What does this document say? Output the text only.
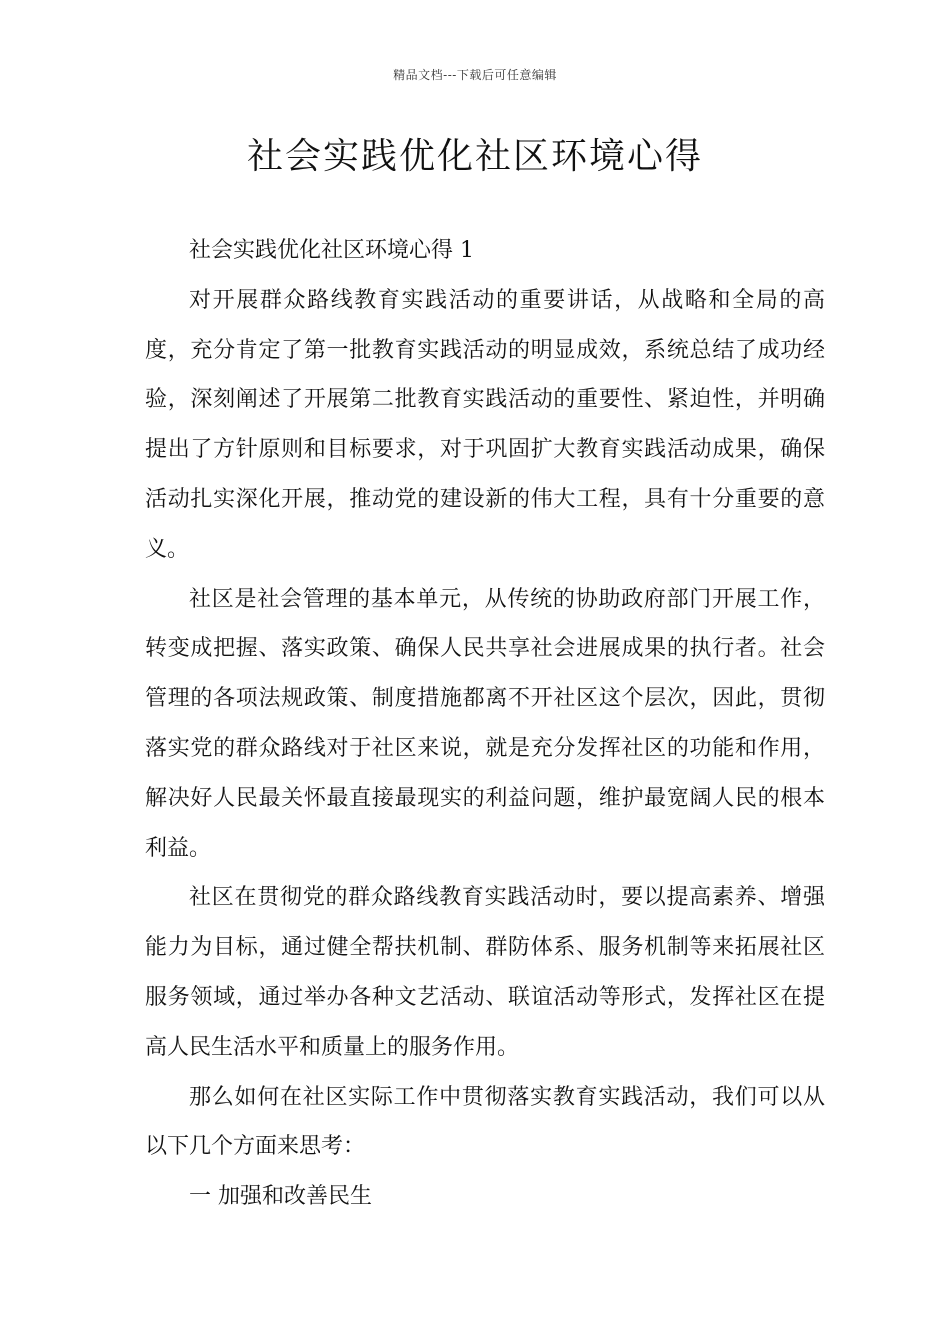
精品文档---下载后可任意编辑
社会实践优化社区环境心得

社会实践优化社区环境心得 1

对开展群众路线教育实践活动的重要讲话，从战略和全局的高度，充分肯定了第一批教育实践活动的明显成效，系统总结了成功经验，深刻阐述了开展第二批教育实践活动的重要性、紧迫性，并明确提出了方针原则和目标要求，对于巩固扩大教育实践活动成果，确保活动扎实深化开展，推动党的建设新的伟大工程，具有十分重要的意义。

社区是社会管理的基本单元，从传统的协助政府部门开展工作，转变成把握、落实政策、确保人民共享社会进展成果的执行者。社会管理的各项法规政策、制度措施都离不开社区这个层次，因此，贯彻落实党的群众路线对于社区来说，就是充分发挥社区的功能和作用，解决好人民最关怀最直接最现实的利益问题，维护最宽阔人民的根本利益。

社区在贯彻党的群众路线教育实践活动时，要以提高素养、增强能力为目标，通过健全帮扶机制、群防体系、服务机制等来拓展社区服务领域，通过举办各种文艺活动、联谊活动等形式，发挥社区在提高人民生活水平和质量上的服务作用。

那么如何在社区实际工作中贯彻落实教育实践活动，我们可以从以下几个方面来思考：

一 加强和改善民生
